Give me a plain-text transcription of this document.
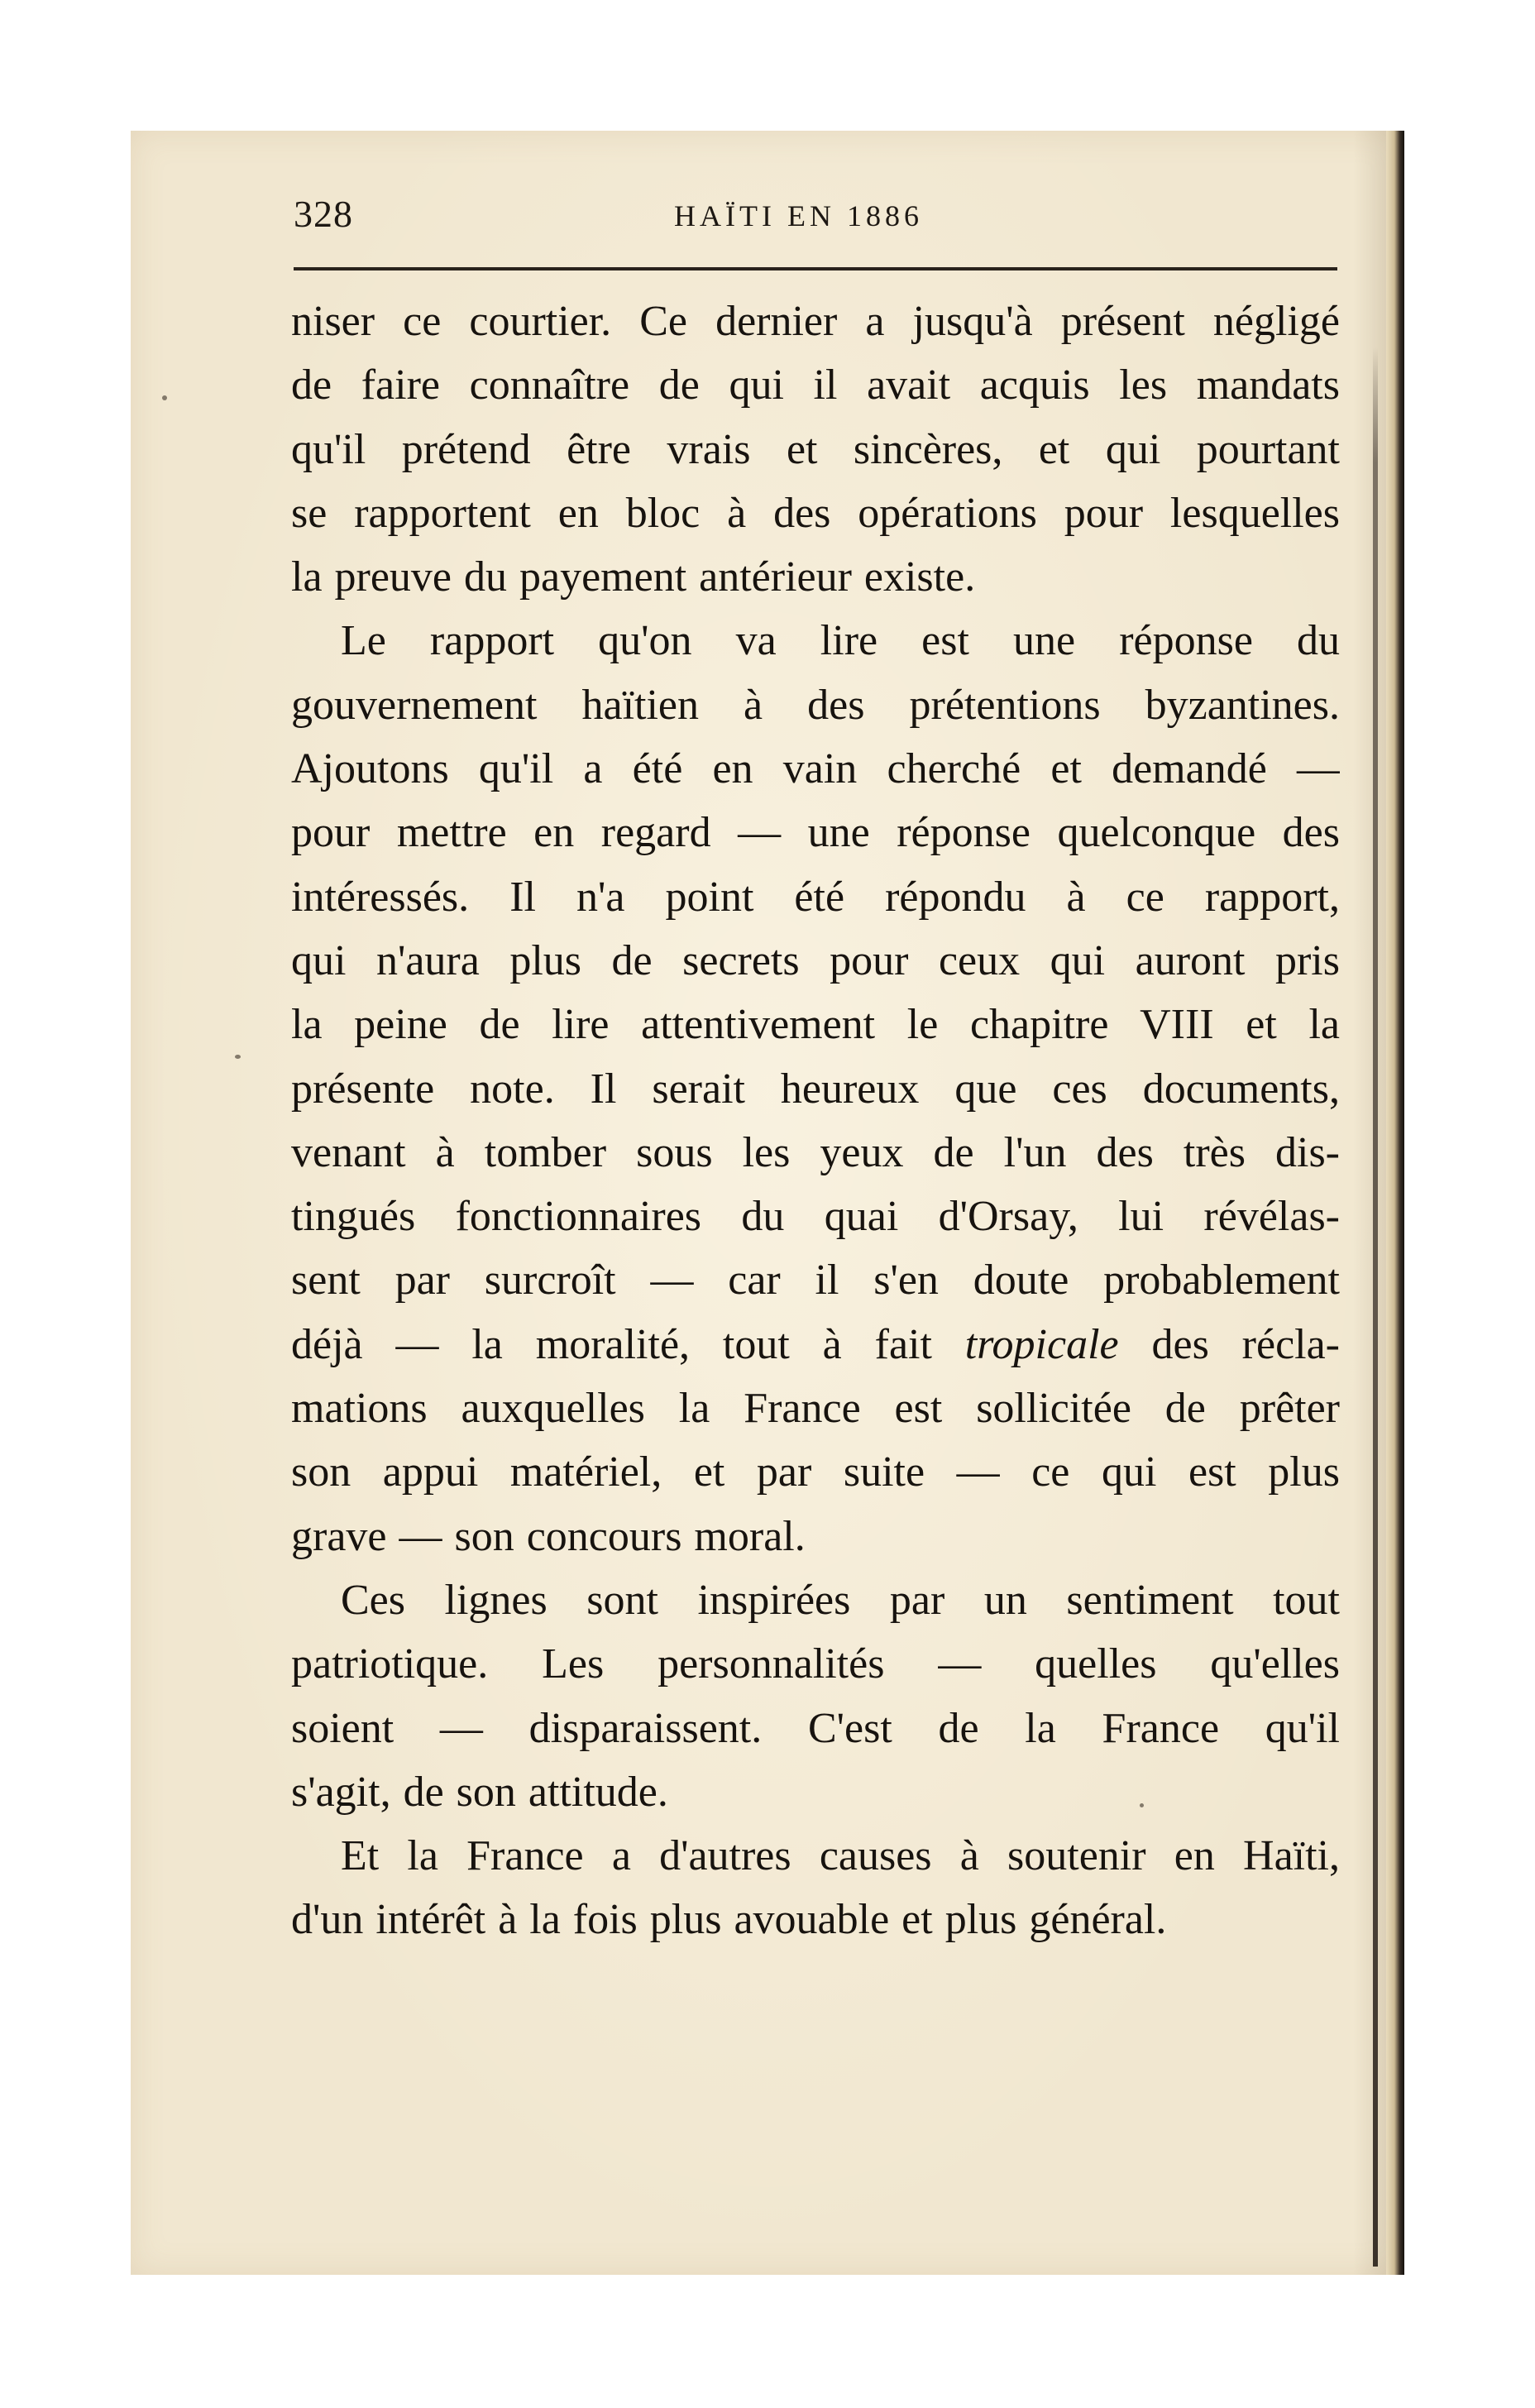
328	HAÏTI EN 1886
niser ce courtier. Ce dernier a jusqu'à présent négligé
de faire connaître de qui il avait acquis les mandats
qu'il prétend être vrais et sincères, et qui pourtant
se rapportent en bloc à des opérations pour lesquelles
la preuve du payement antérieur existe.
Le rapport qu'on va lire est une réponse du
gouvernement haïtien à des prétentions byzantines.
Ajoutons qu'il a été en vain cherché et demandé —
pour mettre en regard — une réponse quelconque des
intéressés. Il n'a point été répondu à ce rapport,
qui n'aura plus de secrets pour ceux qui auront pris
la peine de lire attentivement le chapitre VIII et la
présente note. Il serait heureux que ces documents,
venant à tomber sous les yeux de l'un des très dis-
tingués fonctionnaires du quai d'Orsay, lui révélas-
sent par surcroît — car il s'en doute probablement
déjà — la moralité, tout à fait tropicale des récla-
mations auxquelles la France est sollicitée de prêter
son appui matériel, et par suite — ce qui est plus
grave — son concours moral.
Ces lignes sont inspirées par un sentiment tout
patriotique. Les personnalités — quelles qu'elles
soient — disparaissent. C'est de la France qu'il
s'agit, de son attitude.
Et la France a d'autres causes à soutenir en Haïti,
d'un intérêt à la fois plus avouable et plus général.
